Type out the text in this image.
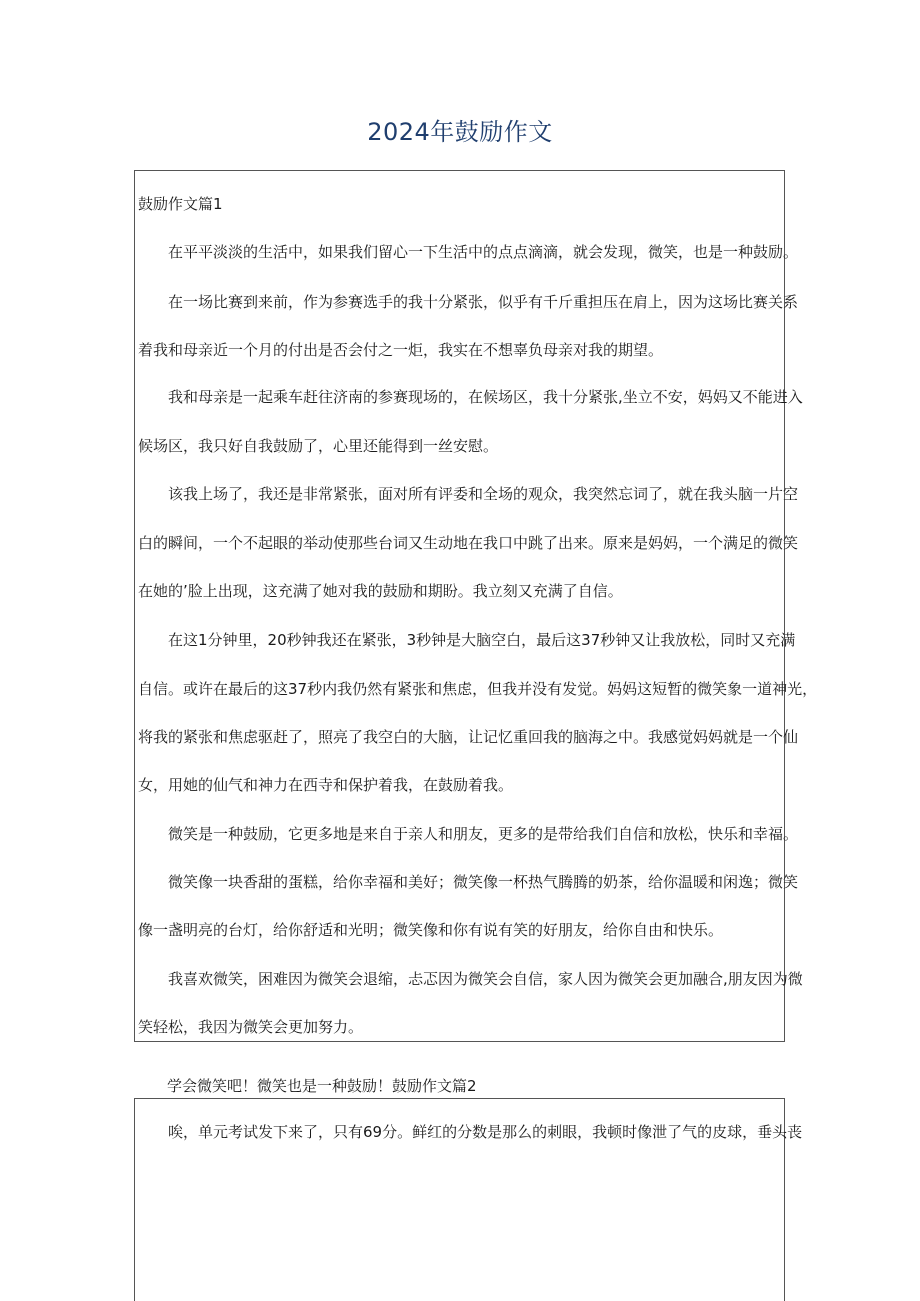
2024年鼓励作文
鼓励作文篇1
在平平淡淡的生活中，如果我们留心一下生活中的点点滴滴，就会发现，微笑，也是一种鼓励。
在一场比赛到来前，作为参赛选手的我十分紧张，似乎有千斤重担压在肩上，因为这场比赛关系
着我和母亲近一个月的付出是否会付之一炬，我实在不想辜负母亲对我的期望。
我和母亲是一起乘车赶往济南的参赛现场的，在候场区，我十分紧张,坐立不安，妈妈又不能进入
候场区，我只好自我鼓励了，心里还能得到一丝安慰。
该我上场了，我还是非常紧张，面对所有评委和全场的观众，我突然忘词了，就在我头脑一片空
白的瞬间，一个不起眼的举动使那些台词又生动地在我口中跳了出来。原来是妈妈，一个满足的微笑
在她的’脸上出现，这充满了她对我的鼓励和期盼。我立刻又充满了自信。
在这1分钟里，20秒钟我还在紧张，3秒钟是大脑空白，最后这37秒钟又让我放松，同时又充满
自信。或许在最后的这37秒内我仍然有紧张和焦虑，但我并没有发觉。妈妈这短暂的微笑象一道神光，
将我的紧张和焦虑驱赶了，照亮了我空白的大脑，让记忆重回我的脑海之中。我感觉妈妈就是一个仙
女，用她的仙气和神力在西寺和保护着我，在鼓励着我。
微笑是一种鼓励，它更多地是来自于亲人和朋友，更多的是带给我们自信和放松，快乐和幸福。
微笑像一块香甜的蛋糕，给你幸福和美好；微笑像一杯热气腾腾的奶茶，给你温暖和闲逸；微笑
像一盏明亮的台灯，给你舒适和光明；微笑像和你有说有笑的好朋友，给你自由和快乐。
我喜欢微笑，困难因为微笑会退缩，忐忑因为微笑会自信，家人因为微笑会更加融合,朋友因为微
笑轻松，我因为微笑会更加努力。
学会微笑吧！微笑也是一种鼓励！鼓励作文篇2
唉，单元考试发下来了，只有69分。鲜红的分数是那么的刺眼，我顿时像泄了气的皮球，垂头丧
